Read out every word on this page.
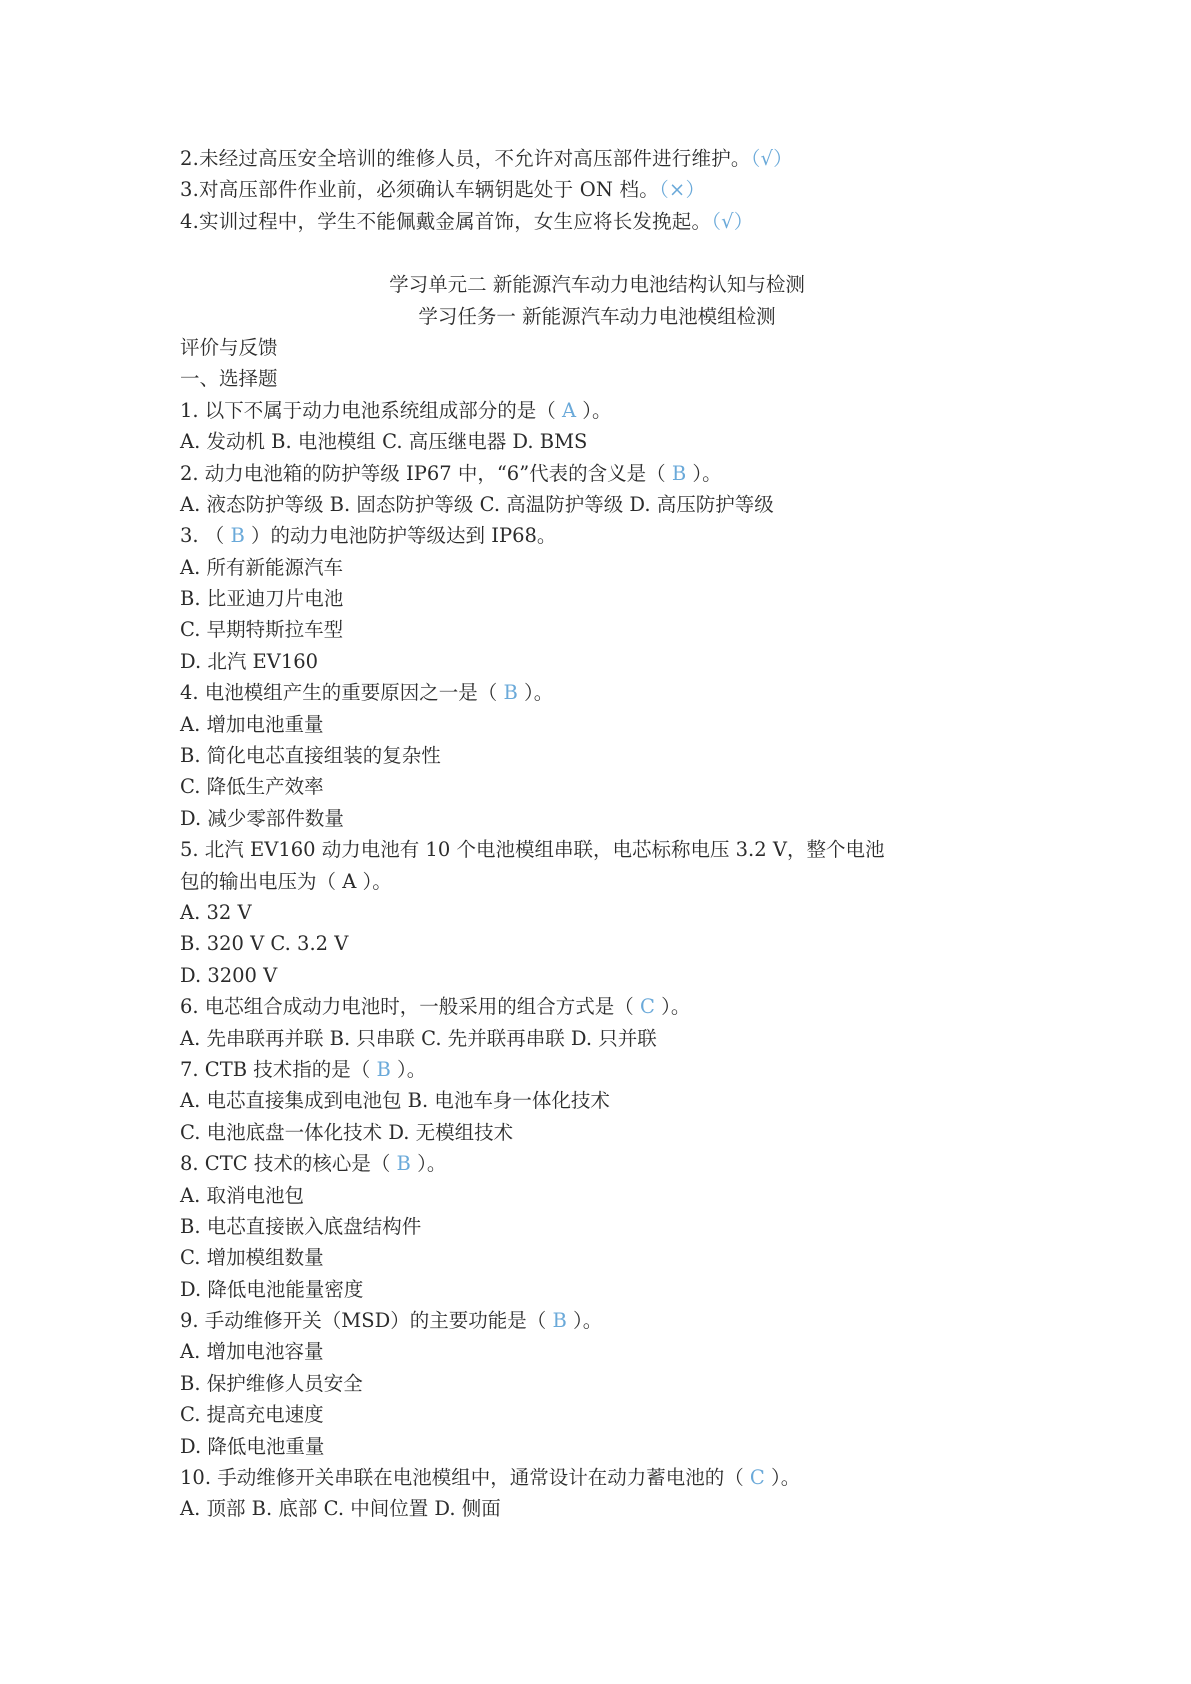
2.未经过高压安全培训的维修人员，不允许对高压部件进行维护。（√）
3.对高压部件作业前，必须确认车辆钥匙处于 ON 档。（×）
4.实训过程中，学生不能佩戴金属首饰，女生应将长发挽起。（√）
学习单元二 新能源汽车动力电池结构认知与检测
学习任务一 新能源汽车动力电池模组检测
评价与反馈
一、选择题
1. 以下不属于动力电池系统组成部分的是（ A ）。
A. 发动机 B. 电池模组 C. 高压继电器 D. BMS
2. 动力电池箱的防护等级 IP67 中，“6”代表的含义是（ B ）。
A. 液态防护等级 B. 固态防护等级 C. 高温防护等级 D. 高压防护等级
3. （ B ）的动力电池防护等级达到 IP68。
A. 所有新能源汽车
B. 比亚迪刀片电池
C. 早期特斯拉车型
D. 北汽 EV160
4. 电池模组产生的重要原因之一是（ B ）。
A. 增加电池重量
B. 简化电芯直接组装的复杂性
C. 降低生产效率
D. 减少零部件数量
5. 北汽 EV160 动力电池有 10 个电池模组串联，电芯标称电压 3.2 V，整个电池
包的输出电压为（ A ）。
A. 32 V
B. 320 V C. 3.2 V
D. 3200 V
6. 电芯组合成动力电池时，一般采用的组合方式是（ C ）。
A. 先串联再并联 B. 只串联 C. 先并联再串联 D. 只并联
7. CTB 技术指的是（ B ）。
A. 电芯直接集成到电池包 B. 电池车身一体化技术
C. 电池底盘一体化技术 D. 无模组技术
8. CTC 技术的核心是（ B ）。
A. 取消电池包
B. 电芯直接嵌入底盘结构件
C. 增加模组数量
D. 降低电池能量密度
9. 手动维修开关（MSD）的主要功能是（ B ）。
A. 增加电池容量
B. 保护维修人员安全
C. 提高充电速度
D. 降低电池重量
10. 手动维修开关串联在电池模组中，通常设计在动力蓄电池的（ C ）。
A. 顶部 B. 底部 C. 中间位置 D. 侧面
